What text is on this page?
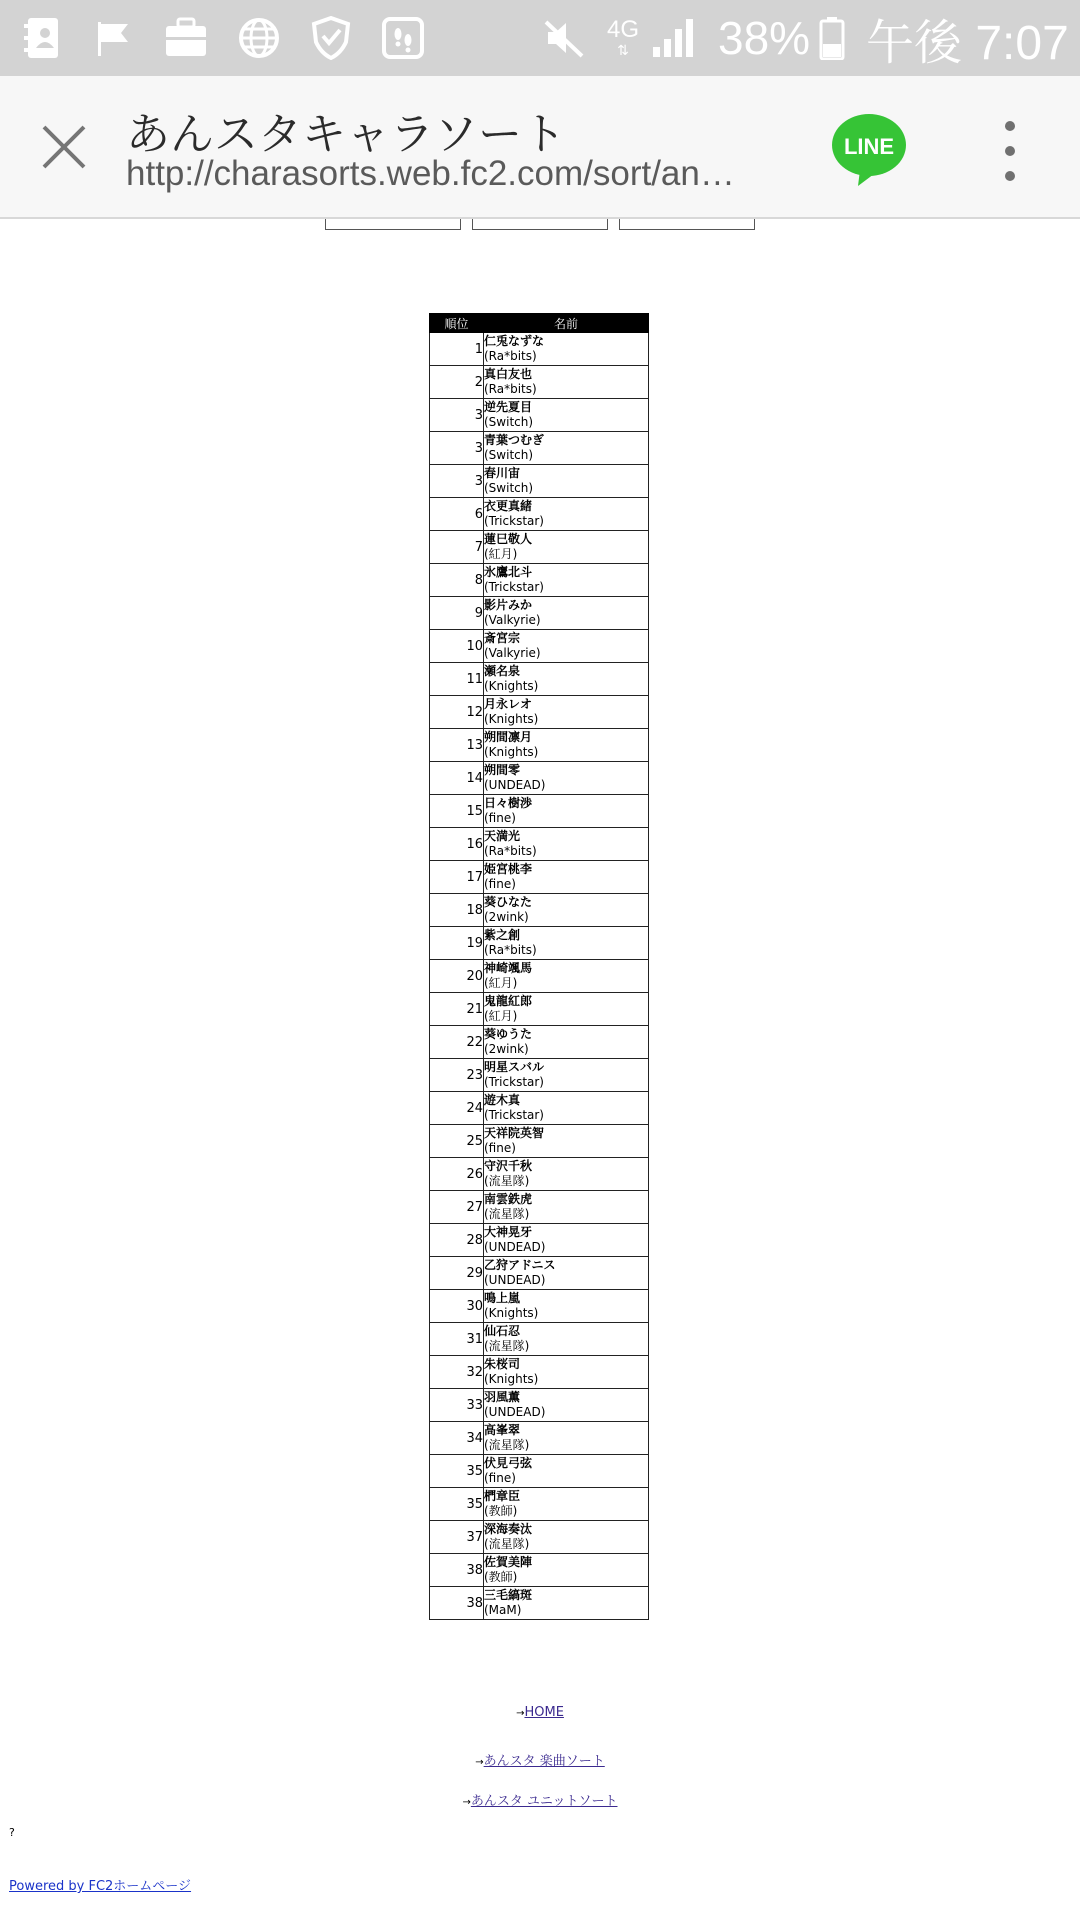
4G
⇅ 38% 午後 7:07
あんスタキャラソート
http://charasorts.web.fc2.com/sort/an…
LINE
順位	名前
1	仁兎なずな
(Ra*bits)

2	真白友也
(Ra*bits)

3	逆先夏目
(Switch)

3	青葉つむぎ
(Switch)

3	春川宙
(Switch)

6	衣更真緒
(Trickstar)

7	蓮巳敬人
(紅月)

8	氷鷹北斗
(Trickstar)

9	影片みか
(Valkyrie)

10	斎宮宗
(Valkyrie)

11	瀬名泉
(Knights)

12	月永レオ
(Knights)

13	朔間凛月
(Knights)

14	朔間零
(UNDEAD)

15	日々樹渉
(fine)

16	天満光
(Ra*bits)

17	姫宮桃李
(fine)

18	葵ひなた
(2wink)

19	紫之創
(Ra*bits)

20	神崎颯馬
(紅月)

21	鬼龍紅郎
(紅月)

22	葵ゆうた
(2wink)

23	明星スバル
(Trickstar)

24	遊木真
(Trickstar)

25	天祥院英智
(fine)

26	守沢千秋
(流星隊)

27	南雲鉄虎
(流星隊)

28	大神晃牙
(UNDEAD)

29	乙狩アドニス
(UNDEAD)

30	鳴上嵐
(Knights)

31	仙石忍
(流星隊)

32	朱桜司
(Knights)

33	羽風薫
(UNDEAD)

34	高峯翠
(流星隊)

35	伏見弓弦
(fine)

35	椚章臣
(教師)

37	深海奏汰
(流星隊)

38	佐賀美陣
(教師)

38	三毛縞斑
(MaM)
→HOME
→あんスタ 楽曲ソート
→あんスタ ユニットソート
?
Powered by FC2ホームページ
